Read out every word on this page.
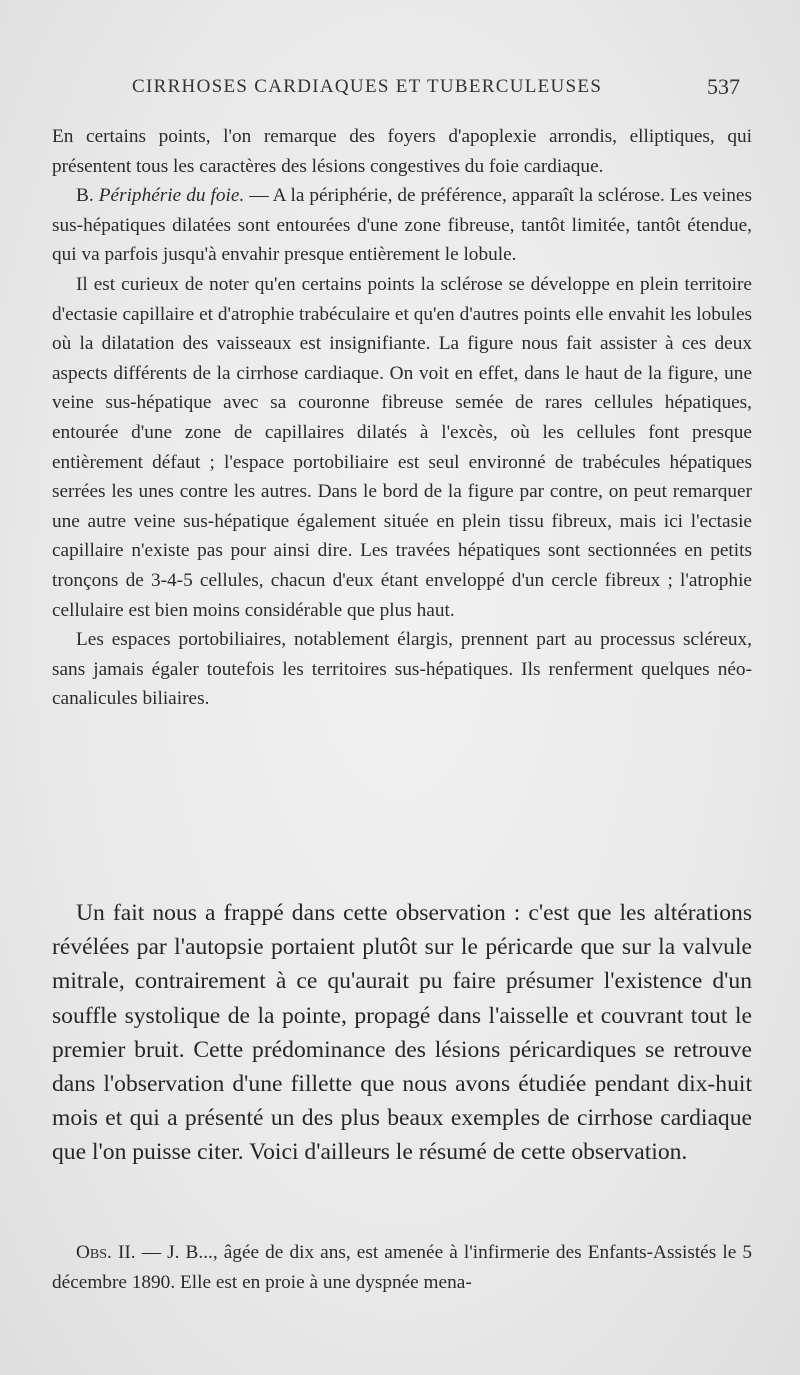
CIRRHOSES CARDIAQUES ET TUBERCULEUSES	537

En certains points, l'on remarque des foyers d'apoplexie arrondis, elliptiques, qui présentent tous les caractères des lésions congestives du foie cardiaque.

B. Périphérie du foie. — A la périphérie, de préférence, apparaît la sclérose. Les veines sus-hépatiques dilatées sont entourées d'une zone fibreuse, tantôt limitée, tantôt étendue, qui va parfois jusqu'à envahir presque entièrement le lobule.

Il est curieux de noter qu'en certains points la sclérose se développe en plein territoire d'ectasie capillaire et d'atrophie trabéculaire et qu'en d'autres points elle envahit les lobules où la dilatation des vaisseaux est insignifiante. La figure nous fait assister à ces deux aspects différents de la cirrhose cardiaque. On voit en effet, dans le haut de la figure, une veine sus-hépatique avec sa couronne fibreuse semée de rares cellules hépatiques, entourée d'une zone de capillaires dilatés à l'excès, où les cellules font presque entièrement défaut ; l'espace portobiliaire est seul environné de trabécules hépatiques serrées les unes contre les autres. Dans le bord de la figure par contre, on peut remarquer une autre veine sus-hépatique également située en plein tissu fibreux, mais ici l'ectasie capillaire n'existe pas pour ainsi dire. Les travées hépatiques sont sectionnées en petits tronçons de 3-4-5 cellules, chacun d'eux étant enveloppé d'un cercle fibreux ; l'atrophie cellulaire est bien moins considérable que plus haut.

Les espaces portobiliaires, notablement élargis, prennent part au processus scléreux, sans jamais égaler toutefois les territoires sus-hépatiques. Ils renferment quelques néo-canalicules biliaires.

Un fait nous a frappé dans cette observation : c'est que les altérations révélées par l'autopsie portaient plutôt sur le péricarde que sur la valvule mitrale, contrairement à ce qu'aurait pu faire présumer l'existence d'un souffle systolique de la pointe, propagé dans l'aisselle et couvrant tout le premier bruit. Cette prédominance des lésions péricardiques se retrouve dans l'observation d'une fillette que nous avons étudiée pendant dix-huit mois et qui a présenté un des plus beaux exemples de cirrhose cardiaque que l'on puisse citer. Voici d'ailleurs le résumé de cette observation.

Obs. II. — J. B..., âgée de dix ans, est amenée à l'infirmerie des Enfants-Assistés le 5 décembre 1890. Elle est en proie à une dyspnée mena-
